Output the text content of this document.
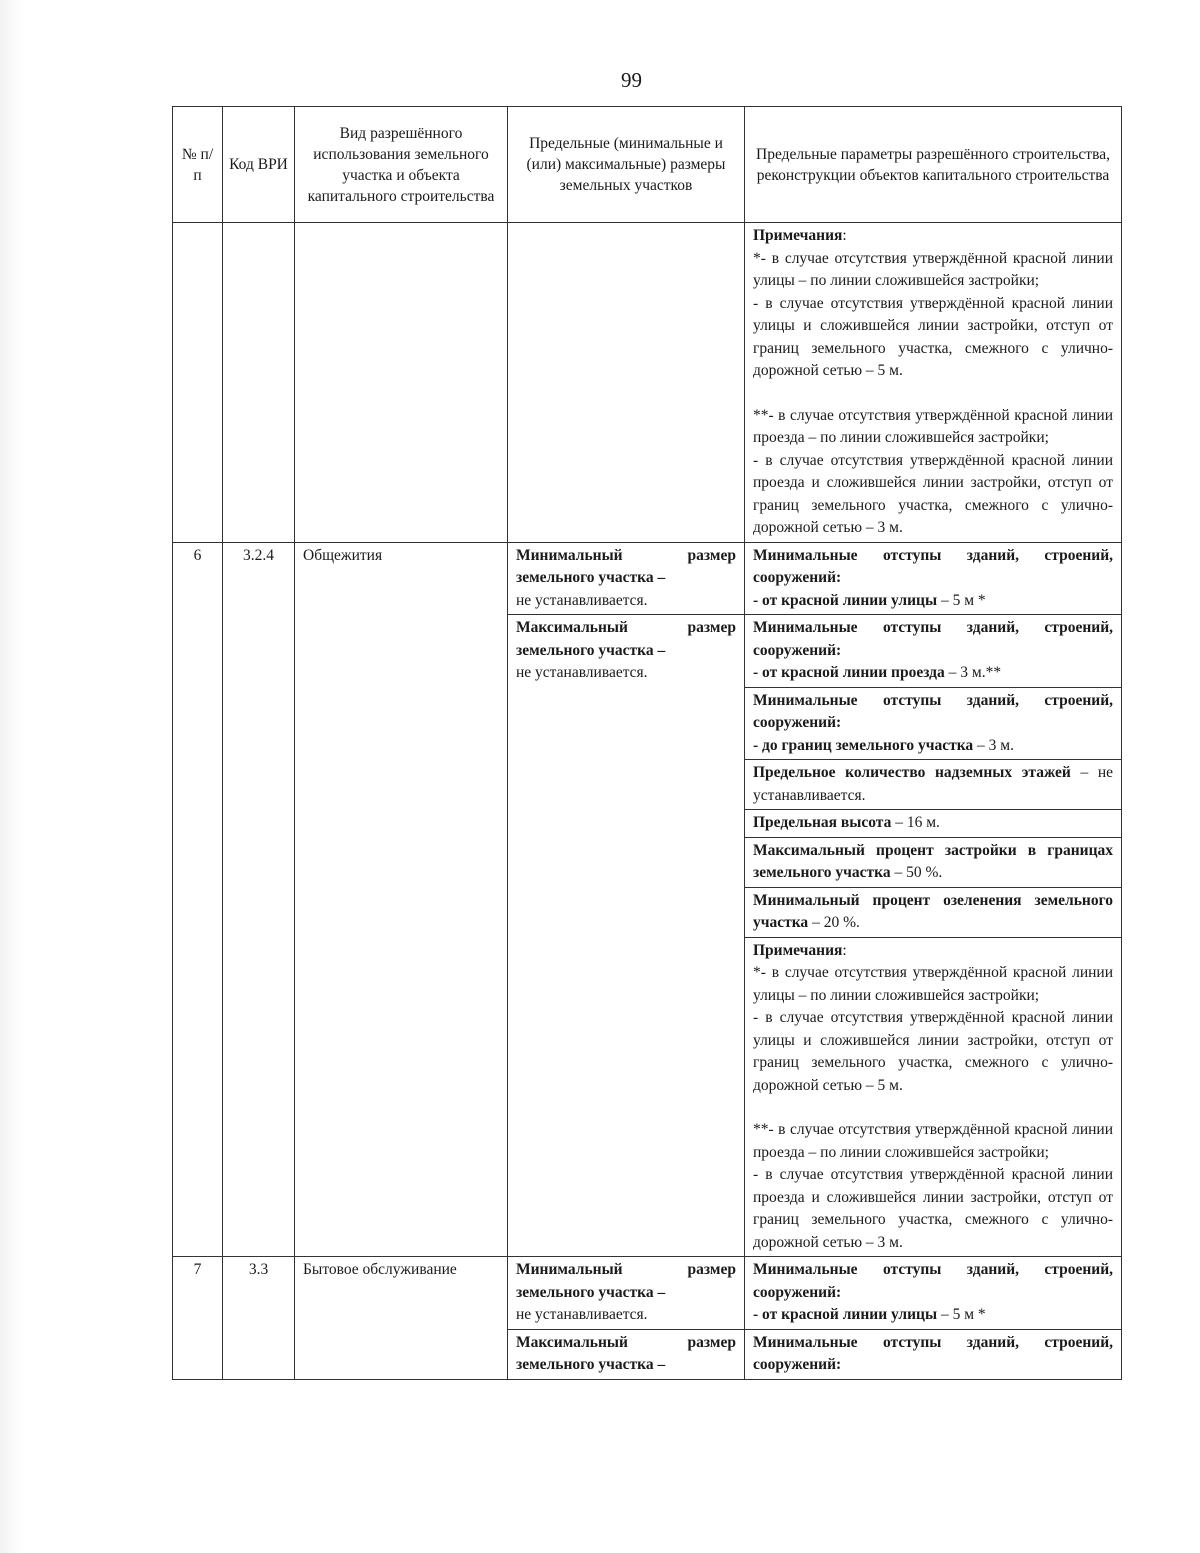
99
№ п/п	Код ВРИ	Вид разрешённого использования земельного участка и объекта капитального строительства	Предельные (минимальные и (или) максимальные) размеры земельных участков	Предельные параметры разрешённого строительства, реконструкции объектов капитального строительства

				Примечания:
*- в случае отсутствия утверждённой красной линии улицы – по линии сложившейся застройки;
- в случае отсутствия утверждённой красной линии улицы и сложившейся линии застройки, отступ от границ земельного участка, смежного с улично-дорожной сетью – 5 м.
**- в случае отсутствия утверждённой красной линии проезда – по линии сложившейся застройки;
- в случае отсутствия утверждённой красной линии проезда и сложившейся линии застройки, отступ от границ земельного участка, смежного с улично-дорожной сетью – 3 м.

6	3.2.4	Общежития	Минимальный размер земельного участка –
не устанавливается.	Минимальные отступы зданий, строений, сооружений:
- от красной линии улицы – 5 м *
			Максимальный размер земельного участка –
не устанавливается.	Минимальные отступы зданий, строений, сооружений:
- от красной линии проезда – 3 м.**
				Минимальные отступы зданий, строений, сооружений:
- до границ земельного участка – 3 м.
				Предельное количество надземных этажей – не устанавливается.
				Предельная высота – 16 м.
				Максимальный процент застройки в границах земельного участка – 50 %.
				Минимальный процент озеленения земельного участка – 20 %.

				Примечания:
*- в случае отсутствия утверждённой красной линии улицы – по линии сложившейся застройки;
- в случае отсутствия утверждённой красной линии улицы и сложившейся линии застройки, отступ от границ земельного участка, смежного с улично-дорожной сетью – 5 м.
**- в случае отсутствия утверждённой красной линии проезда – по линии сложившейся застройки;
- в случае отсутствия утверждённой красной линии проезда и сложившейся линии застройки, отступ от границ земельного участка, смежного с улично-дорожной сетью – 3 м.

7	3.3	Бытовое обслуживание	Минимальный размер земельного участка –
не устанавливается.	Минимальные отступы зданий, строений, сооружений:
- от красной линии улицы – 5 м *
			Максимальный размер земельного участка –	Минимальные отступы зданий, строений, сооружений:
